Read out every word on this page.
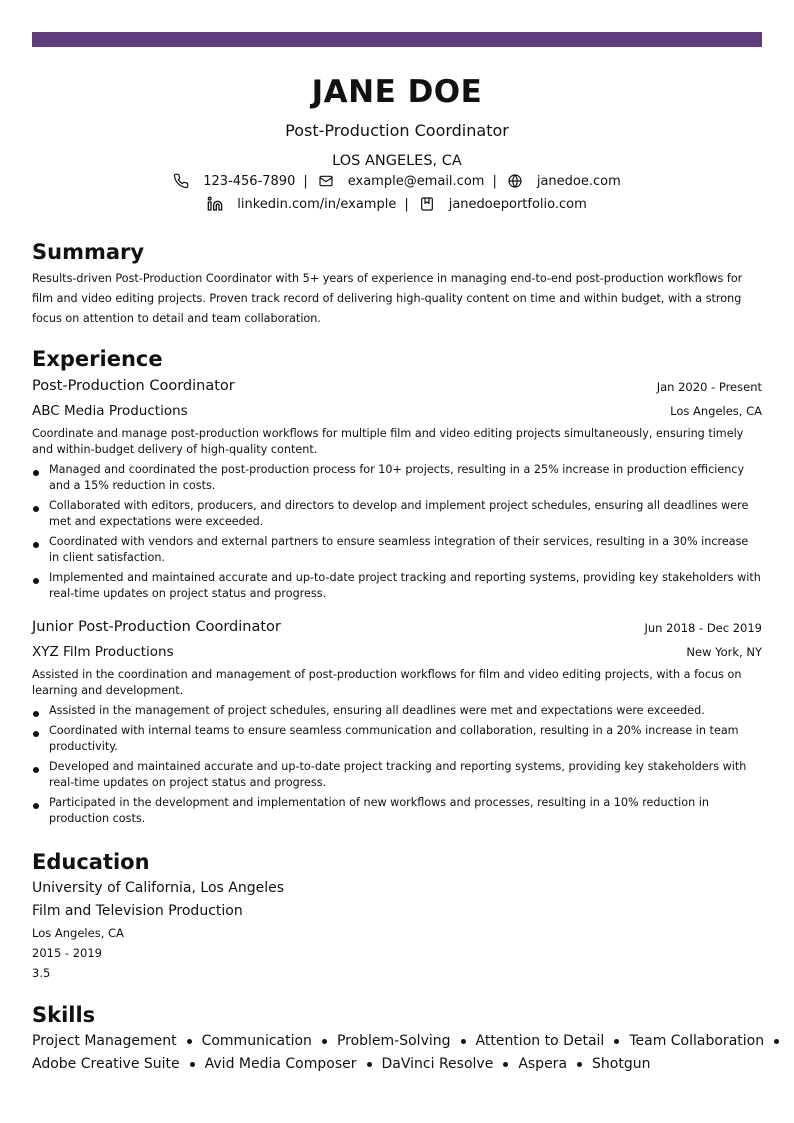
JANE DOE
Post-Production Coordinator
LOS ANGELES, CA
123-456-7890 |	example@email.com |	janedoe.com
linkedin.com/in/example |	janedoeportfolio.com
Summary
Results-driven Post-Production Coordinator with 5+ years of experience in managing end-to-end post-production workflows for film and video editing projects. Proven track record of delivering high-quality content on time and within budget, with a strong focus on attention to detail and team collaboration.
Experience
Post-Production Coordinator	Jan 2020 - Present
ABC Media Productions	Los Angeles, CA
Coordinate and manage post-production workflows for multiple film and video editing projects simultaneously, ensuring timely and within-budget delivery of high-quality content.
Managed and coordinated the post-production process for 10+ projects, resulting in a 25% increase in production efficiency and a 15% reduction in costs.
Collaborated with editors, producers, and directors to develop and implement project schedules, ensuring all deadlines were met and expectations were exceeded.
Coordinated with vendors and external partners to ensure seamless integration of their services, resulting in a 30% increase in client satisfaction.
Implemented and maintained accurate and up-to-date project tracking and reporting systems, providing key stakeholders with real-time updates on project status and progress.
Junior Post-Production Coordinator	Jun 2018 - Dec 2019
XYZ Film Productions	New York, NY
Assisted in the coordination and management of post-production workflows for film and video editing projects, with a focus on learning and development.
Assisted in the management of project schedules, ensuring all deadlines were met and expectations were exceeded.
Coordinated with internal teams to ensure seamless communication and collaboration, resulting in a 20% increase in team productivity.
Developed and maintained accurate and up-to-date project tracking and reporting systems, providing key stakeholders with real-time updates on project status and progress.
Participated in the development and implementation of new workflows and processes, resulting in a 10% reduction in production costs.
Education
University of California, Los Angeles
Film and Television Production
Los Angeles, CA
2015 - 2019
3.5
Skills
Project Management Communication Problem-Solving Attention to Detail Team Collaboration
Adobe Creative Suite Avid Media Composer DaVinci Resolve Aspera Shotgun
